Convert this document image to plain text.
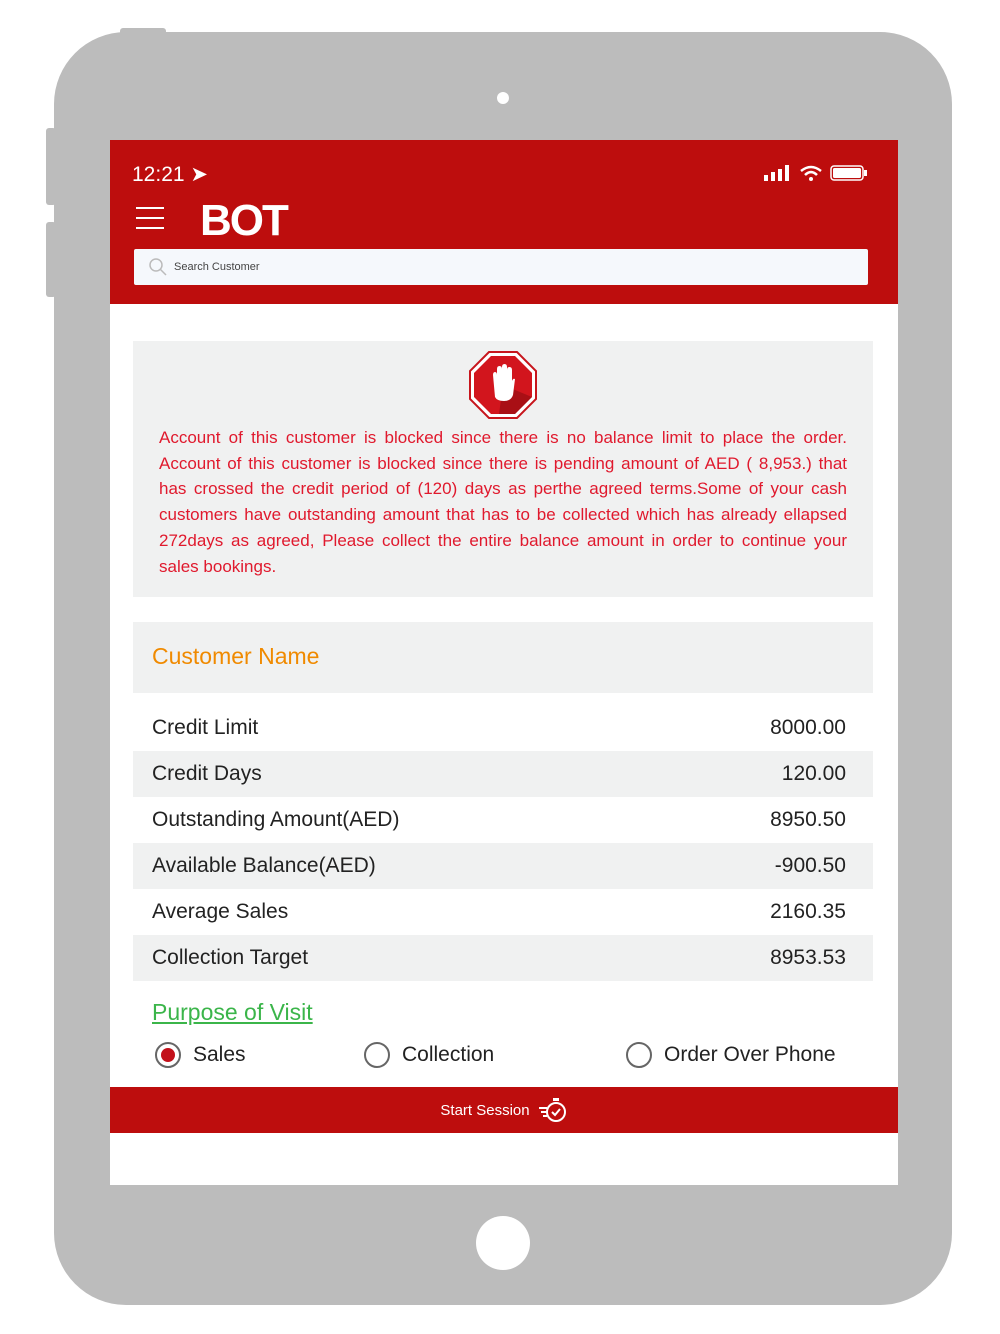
12:21 ➤
BOT
Search Customer
Account of this customer is blocked since there is no balance limit to place the order. Account of this customer is blocked since there is pending amount of AED ( 8,953.) that has crossed the credit period of (120) days as perthe agreed terms.Some of your cash customers have outstanding amount that has to be collected which has already ellapsed 272days as agreed, Please collect the entire balance amount in order to continue your sales bookings.
Customer Name
Credit Limit	8000.00
Credit Days	120.00
Outstanding Amount(AED)	8950.50
Available Balance(AED)	-900.50
Average Sales	2160.35
Collection Target	8953.53
Purpose of Visit
Sales	Collection	Order Over Phone
Start Session
